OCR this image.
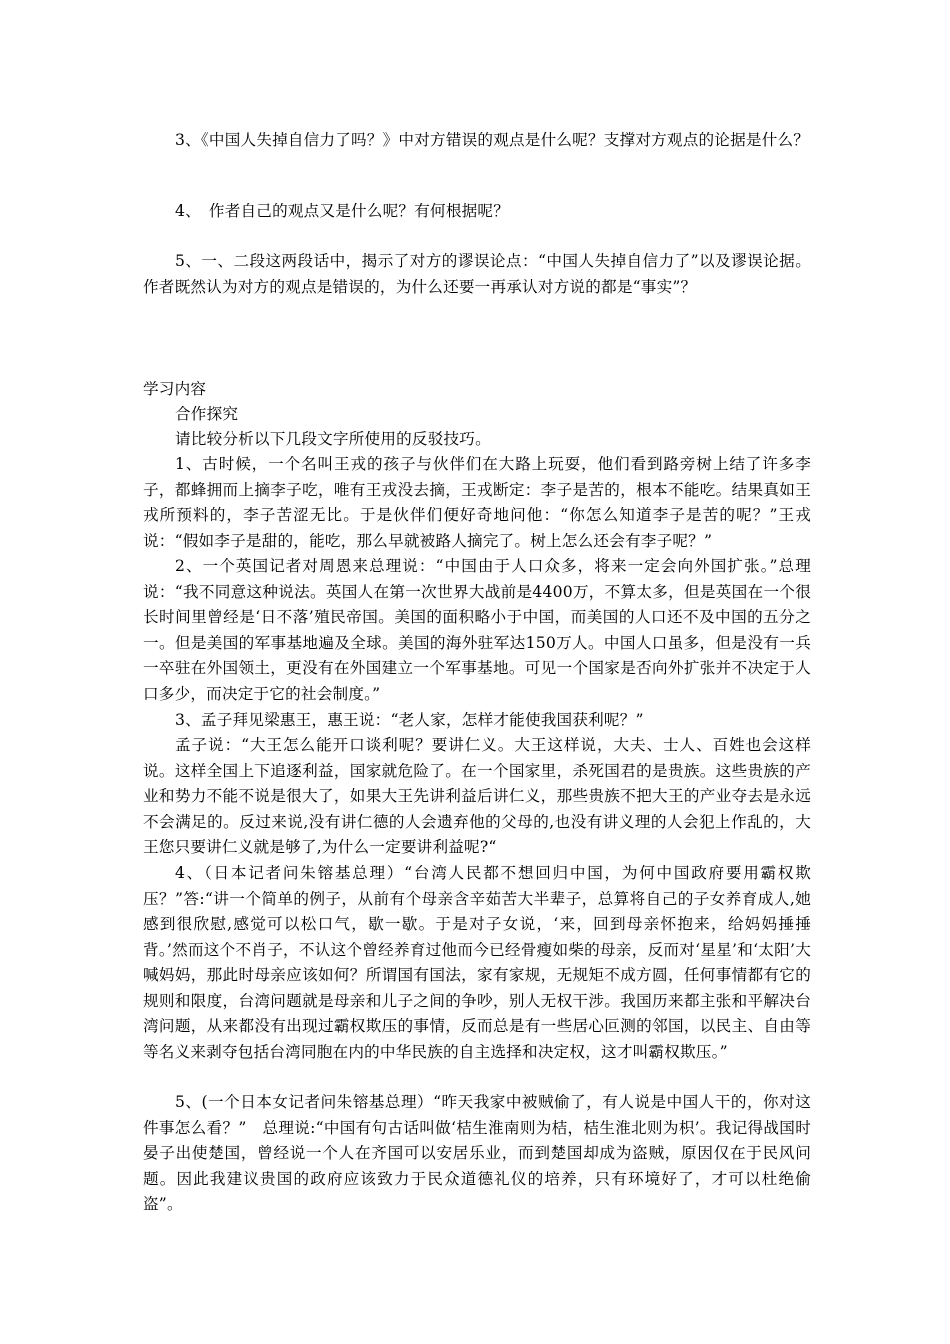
3、《中国人失掉自信力了吗？》中对方错误的观点是什么呢？支撑对方观点的论据是什么？

4、　作者自己的观点又是什么呢？有何根据呢？

5、一、二段这两段话中，揭示了对方的谬误论点：“中国人失掉自信力了”以及谬误论据。作者既然认为对方的观点是错误的，为什么还要一再承认对方说的都是“事实”？

学习内容

合作探究

请比较分析以下几段文字所使用的反驳技巧。

1、古时候，一个名叫王戎的孩子与伙伴们在大路上玩耍，他们看到路旁树上结了许多李子，都蜂拥而上摘李子吃，唯有王戎没去摘，王戎断定：李子是苦的，根本不能吃。结果真如王戎所预料的，李子苦涩无比。于是伙伴们便好奇地问他：“你怎么知道李子是苦的呢？”王戎说：“假如李子是甜的，能吃，那么早就被路人摘完了。树上怎么还会有李子呢？”

2、一个英国记者对周恩来总理说：“中国由于人口众多，将来一定会向外国扩张。”总理说：“我不同意这种说法。英国人在第一次世界大战前是4400万，不算太多，但是英国在一个很长时间里曾经是‘日不落’殖民帝国。美国的面积略小于中国，而美国的人口还不及中国的五分之一。但是美国的军事基地遍及全球。美国的海外驻军达150万人。中国人口虽多，但是没有一兵一卒驻在外国领土，更没有在外国建立一个军事基地。可见一个国家是否向外扩张并不决定于人口多少，而决定于它的社会制度。”

3、孟子拜见梁惠王，惠王说：“老人家，怎样才能使我国获利呢？”

孟子说：“大王怎么能开口谈利呢？要讲仁义。大王这样说，大夫、士人、百姓也会这样说。这样全国上下追逐利益，国家就危险了。在一个国家里，杀死国君的是贵族。这些贵族的产业和势力不能不说是很大了，如果大王先讲利益后讲仁义，那些贵族不把大王的产业夺去是永远不会满足的。反过来说,没有讲仁德的人会遗弃他的父母的,也没有讲义理的人会犯上作乱的，大王您只要讲仁义就是够了,为什么一定要讲利益呢?“

4、（日本记者问朱镕基总理）“台湾人民都不想回归中国，为何中国政府要用霸权欺压？”答:“讲一个简单的例子，从前有个母亲含辛茹苦大半辈子，总算将自己的子女养育成人,她感到很欣慰,感觉可以松口气，歇一歇。于是对子女说，‘来，回到母亲怀抱来，给妈妈捶捶背。’然而这个不肖子，不认这个曾经养育过他而今已经骨瘦如柴的母亲，反而对‘星星’和‘太阳’大喊妈妈，那此时母亲应该如何？所谓国有国法，家有家规，无规矩不成方圆，任何事情都有它的规则和限度，台湾问题就是母亲和儿子之间的争吵，别人无权干涉。我国历来都主张和平解决台湾问题，从来都没有出现过霸权欺压的事情，反而总是有一些居心叵测的邻国，以民主、自由等等名义来剥夺包括台湾同胞在内的中华民族的自主选择和决定权，这才叫霸权欺压。”

5、(一个日本女记者问朱镕基总理）“昨天我家中被贼偷了，有人说是中国人干的，你对这件事怎么看？”　总理说:“中国有句古话叫做‘桔生淮南则为桔，桔生淮北则为枳’。我记得战国时晏子出使楚国，曾经说一个人在齐国可以安居乐业，而到楚国却成为盗贼，原因仅在于民风问题。因此我建议贵国的政府应该致力于民众道德礼仪的培养，只有环境好了，才可以杜绝偷盗”。
